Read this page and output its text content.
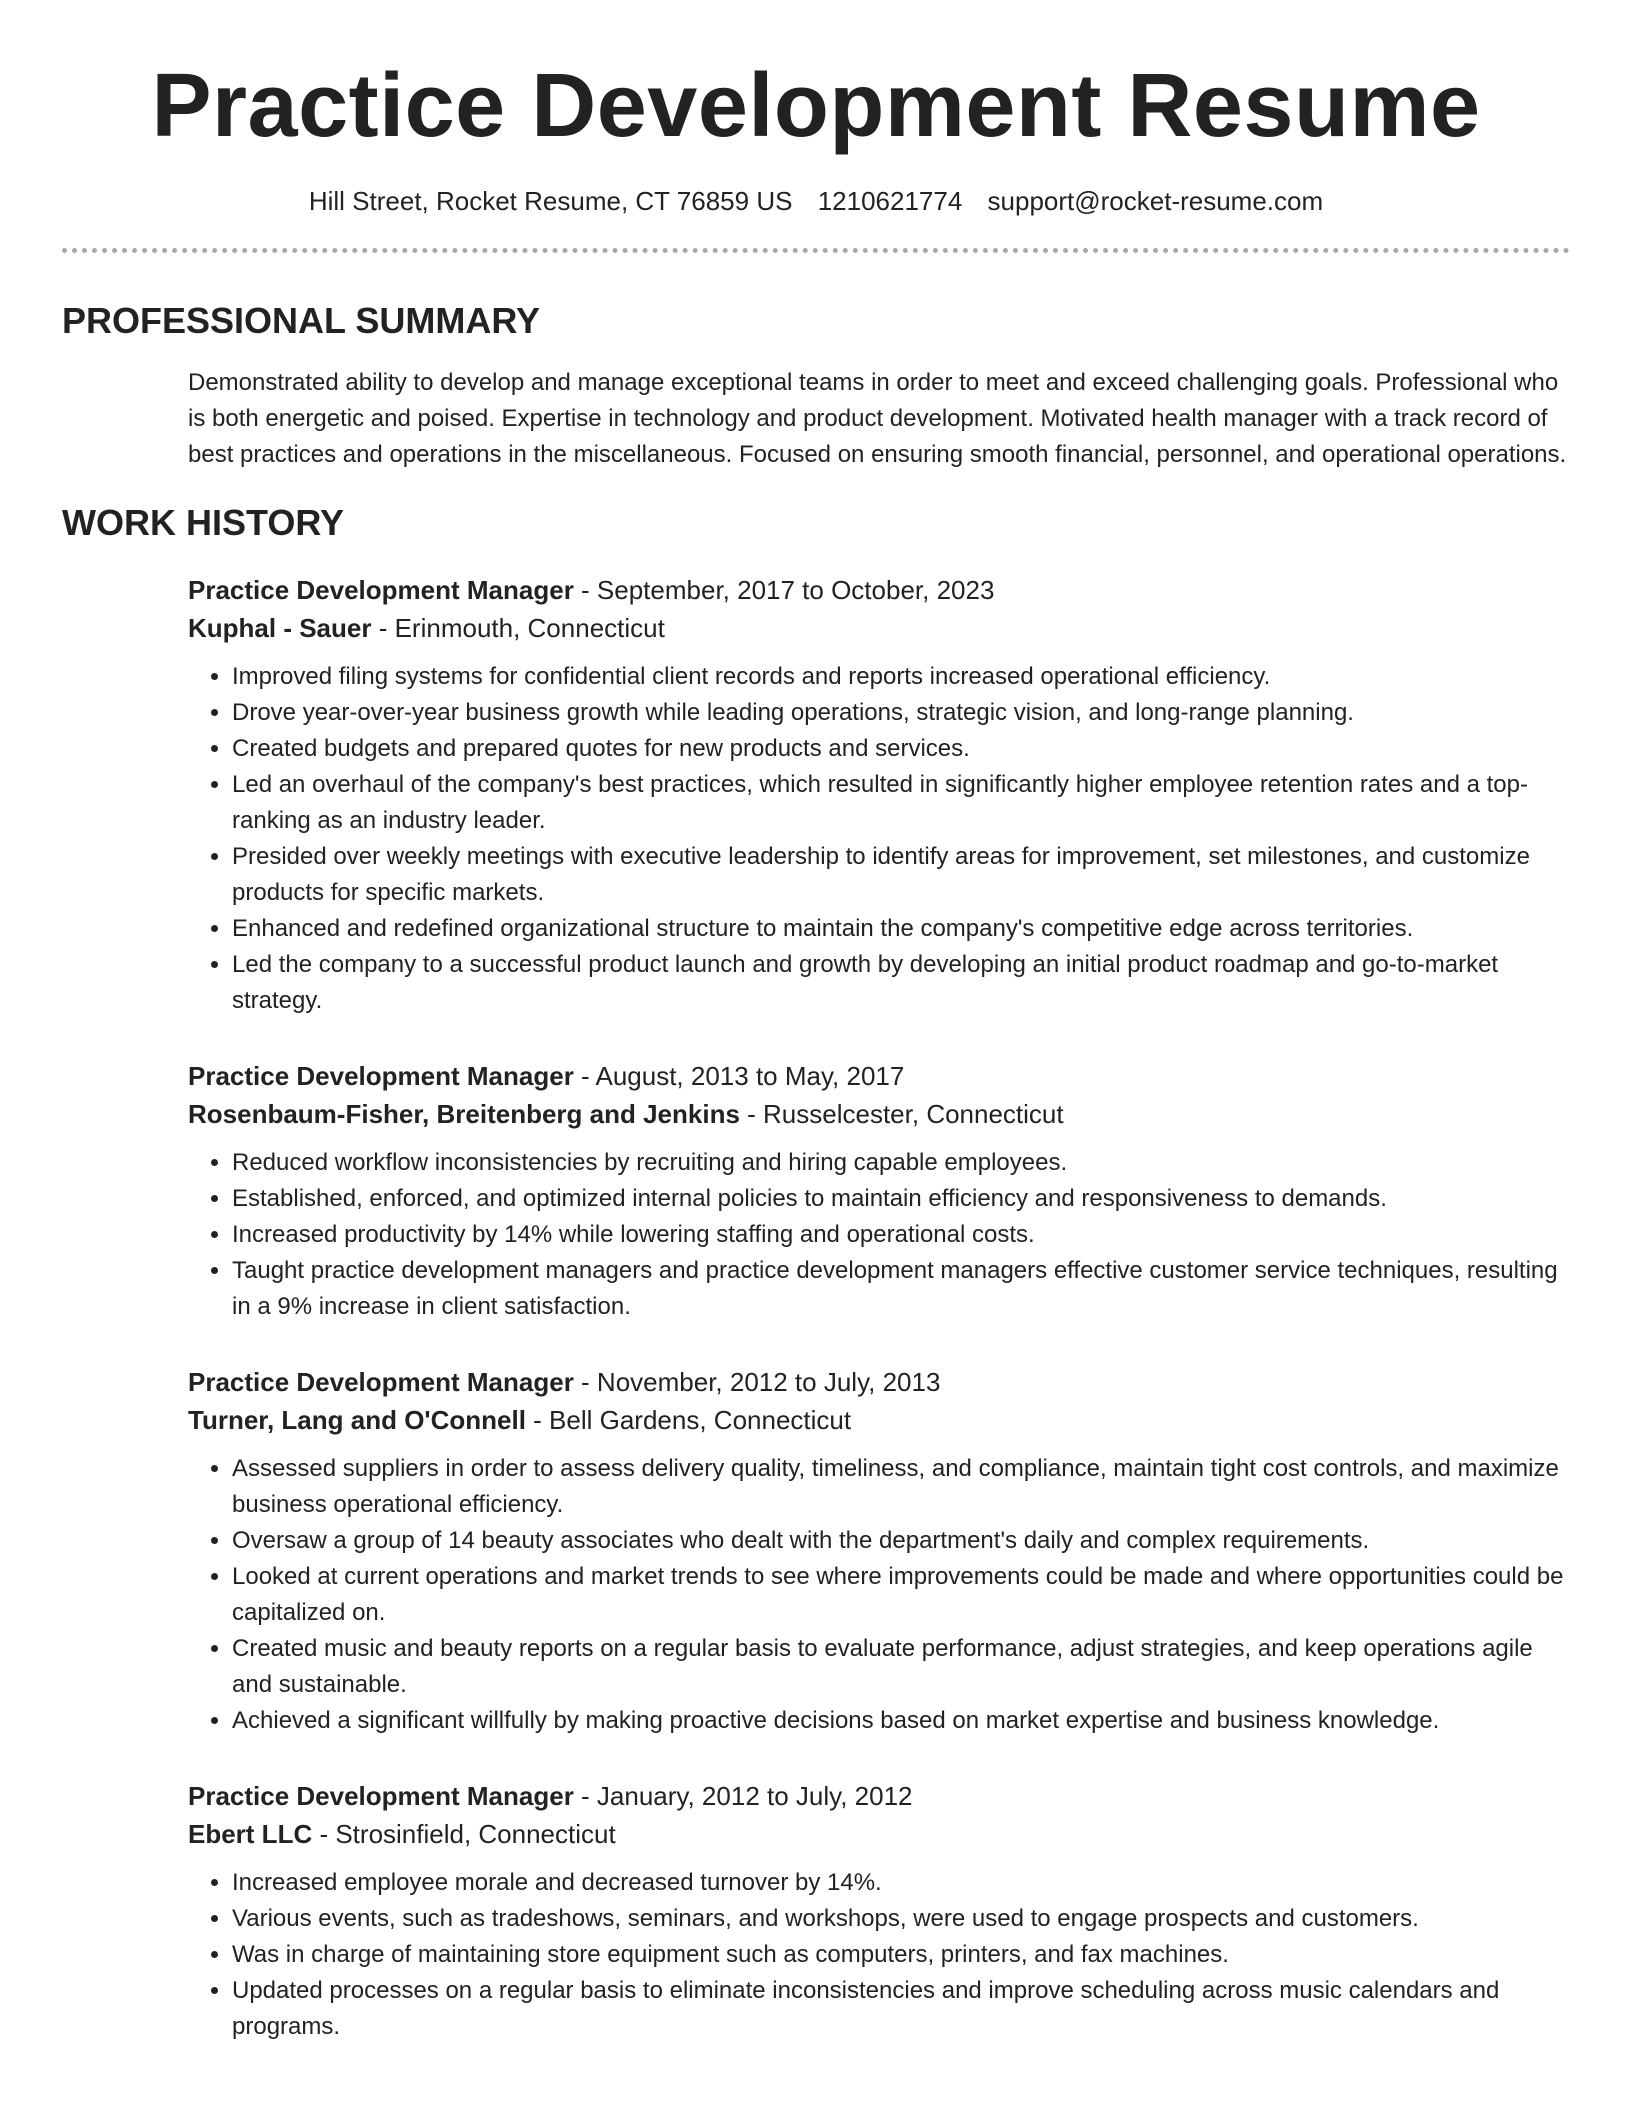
Practice Development Resume
Hill Street, Rocket Resume, CT 76859 US 1210621774 support@rocket-resume.com
PROFESSIONAL SUMMARY

Demonstrated ability to develop and manage exceptional teams in order to meet and exceed challenging goals. Professional who is both energetic and poised. Expertise in technology and product development. Motivated health manager with a track record of best practices and operations in the miscellaneous. Focused on ensuring smooth financial, personnel, and operational operations.

WORK HISTORY
Practice Development Manager - September, 2017 to October, 2023
Kuphal - Sauer - Erinmouth, Connecticut
• Improved filing systems for confidential client records and reports increased operational efficiency.
• Drove year-over-year business growth while leading operations, strategic vision, and long-range planning.
• Created budgets and prepared quotes for new products and services.
• Led an overhaul of the company's best practices, which resulted in significantly higher employee retention rates and a top-ranking as an industry leader.
• Presided over weekly meetings with executive leadership to identify areas for improvement, set milestones, and customize products for specific markets.
• Enhanced and redefined organizational structure to maintain the company's competitive edge across territories.
• Led the company to a successful product launch and growth by developing an initial product roadmap and go-to-market strategy.
Practice Development Manager - August, 2013 to May, 2017
Rosenbaum-Fisher, Breitenberg and Jenkins - Russelcester, Connecticut
• Reduced workflow inconsistencies by recruiting and hiring capable employees.
• Established, enforced, and optimized internal policies to maintain efficiency and responsiveness to demands.
• Increased productivity by 14% while lowering staffing and operational costs.
• Taught practice development managers and practice development managers effective customer service techniques, resulting in a 9% increase in client satisfaction.
Practice Development Manager - November, 2012 to July, 2013
Turner, Lang and O'Connell - Bell Gardens, Connecticut
• Assessed suppliers in order to assess delivery quality, timeliness, and compliance, maintain tight cost controls, and maximize business operational efficiency.
• Oversaw a group of 14 beauty associates who dealt with the department's daily and complex requirements.
• Looked at current operations and market trends to see where improvements could be made and where opportunities could be capitalized on.
• Created music and beauty reports on a regular basis to evaluate performance, adjust strategies, and keep operations agile and sustainable.
• Achieved a significant willfully by making proactive decisions based on market expertise and business knowledge.
Practice Development Manager - January, 2012 to July, 2012
Ebert LLC - Strosinfield, Connecticut
• Increased employee morale and decreased turnover by 14%.
• Various events, such as tradeshows, seminars, and workshops, were used to engage prospects and customers.
• Was in charge of maintaining store equipment such as computers, printers, and fax machines.
• Updated processes on a regular basis to eliminate inconsistencies and improve scheduling across music calendars and programs.
